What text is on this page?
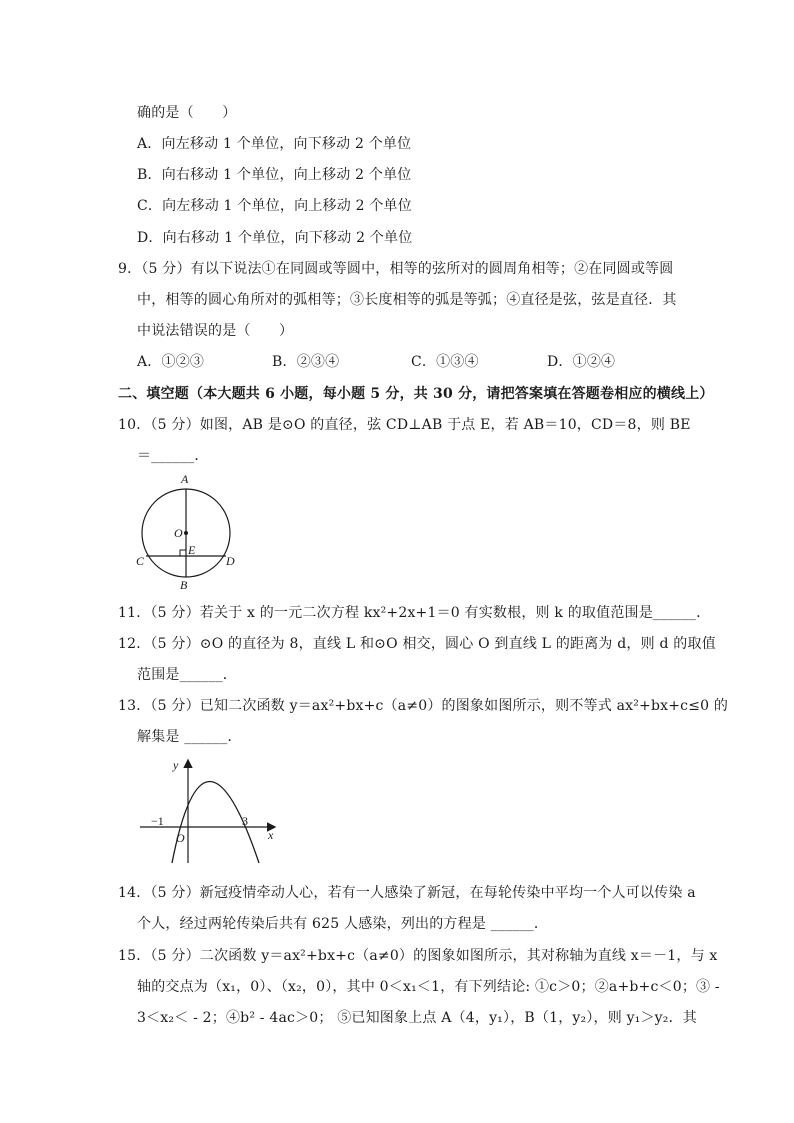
确的是（　　）
A．向左移动 1 个单位，向下移动 2 个单位
B．向右移动 1 个单位，向上移动 2 个单位
C．向左移动 1 个单位，向上移动 2 个单位
D．向右移动 1 个单位，向下移动 2 个单位
9．（5 分）有以下说法①在同圆或等圆中，相等的弦所对的圆周角相等；②在同圆或等圆
中，相等的圆心角所对的弧相等；③长度相等的弧是等弧；④直径是弦，弦是直径．其
中说法错误的是（　　）
A．①②③	B．②③④	C．①③④	D．①②④
二、填空题（本大题共 6 小题，每小题 5 分，共 30 分，请把答案填在答题卷相应的横线上）
10．（5 分）如图，AB 是⊙O 的直径，弦 CD⊥AB 于点 E，若 AB＝10，CD＝8，则 BE
＝______．
A
O
E
C	D
B
11．（5 分）若关于 x 的一元二次方程 kx²+2x+1＝0 有实数根，则 k 的取值范围是______．
12．（5 分）⊙O 的直径为 8，直线 L 和⊙O 相交，圆心 O 到直线 L 的距离为 d，则 d 的取值
范围是______．
13．（5 分）已知二次函数 y＝ax²+bx+c（a≠0）的图象如图所示，则不等式 ax²+bx+c≤0 的
解集是 ______．
y
x
O
−1	3
14．（5 分）新冠疫情牵动人心，若有一人感染了新冠，在每轮传染中平均一个人可以传染 a
个人，经过两轮传染后共有 625 人感染，列出的方程是 ______．
15．（5 分）二次函数 y＝ax²+bx+c（a≠0）的图象如图所示，其对称轴为直线 x＝－1，与 x
轴的交点为（x₁，0）、（x₂，0），其中 0＜x₁＜1，有下列结论: ①c＞0；②a+b+c＜0；③ -
3＜x₂＜ - 2；④b² - 4ac＞0； ⑤已知图象上点 A（4，y₁），B（1，y₂），则 y₁＞y₂．其
